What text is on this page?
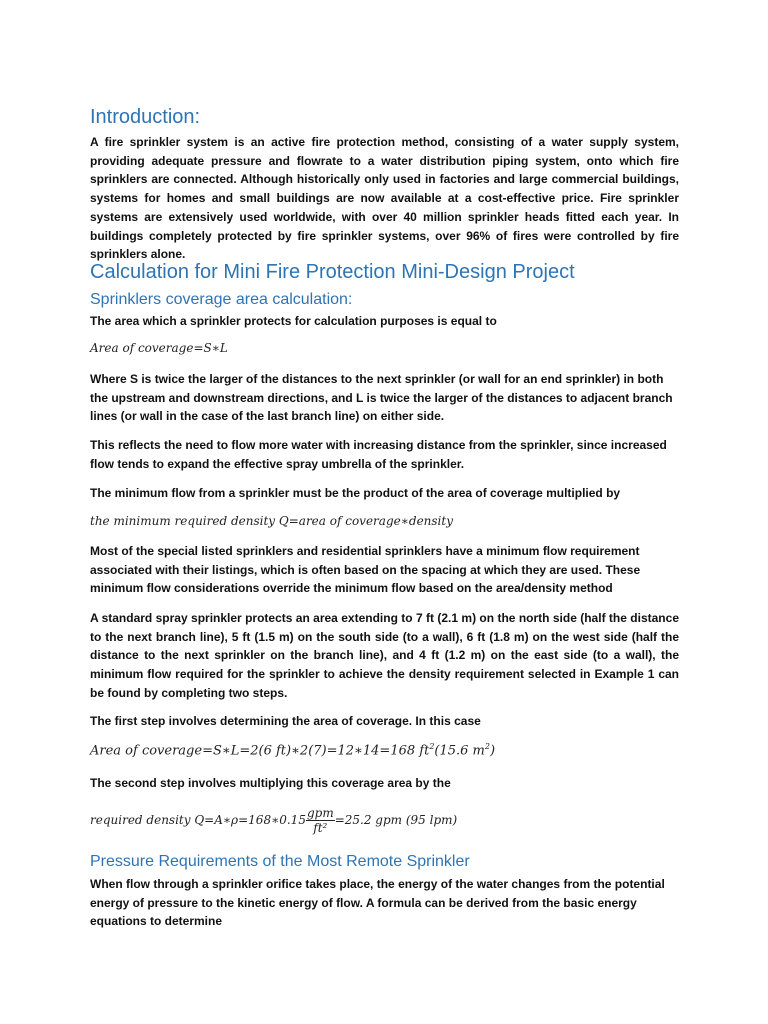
Introduction:

A fire sprinkler system is an active fire protection method, consisting of a water supply system, providing adequate pressure and flowrate to a water distribution piping system, onto which fire sprinklers are connected. Although historically only used in factories and large commercial buildings, systems for homes and small buildings are now available at a cost-effective price. Fire sprinkler systems are extensively used worldwide, with over 40 million sprinkler heads fitted each year. In buildings completely protected by fire sprinkler systems, over 96% of fires were controlled by fire sprinklers alone.

Calculation for Mini Fire Protection Mini-Design Project
Sprinklers coverage area calculation:

The area which a sprinkler protects for calculation purposes is equal to

Area of coverage=S∗L

Where S is twice the larger of the distances to the next sprinkler (or wall for an end sprinkler) in both the upstream and downstream directions, and L is twice the larger of the distances to adjacent branch lines (or wall in the case of the last branch line) on either side.

This reflects the need to flow more water with increasing distance from the sprinkler, since increased flow tends to expand the effective spray umbrella of the sprinkler.

The minimum flow from a sprinkler must be the product of the area of coverage multiplied by

the minimum required density Q=area of coverage∗density

Most of the special listed sprinklers and residential sprinklers have a minimum flow requirement associated with their listings, which is often based on the spacing at which they are used. These minimum flow considerations override the minimum flow based on the area/density method

A standard spray sprinkler protects an area extending to 7 ft (2.1 m) on the north side (half the distance to the next branch line), 5 ft (1.5 m) on the south side (to a wall), 6 ft (1.8 m) on the west side (half the distance to the next sprinkler on the branch line), and 4 ft (1.2 m) on the east side (to a wall), the minimum flow required for the sprinkler to achieve the density requirement selected in Example 1 can be found by completing two steps.

The first step involves determining the area of coverage. In this case

Area of coverage=S∗L=2(6 ft)∗2(7)=12∗14=168 $ft^2(15.6$ $m^2$)

The second step involves multiplying this coverage area by the

required density Q=A∗ρ=168∗0.15 $\frac{\text{gpm}}{\text{ft²}} =25.2$ gpm (95 lpm)

Pressure Requirements of the Most Remote Sprinkler

When flow through a sprinkler orifice takes place, the energy of the water changes from the potential energy of pressure to the kinetic energy of flow. A formula can be derived from the basic energy equations to determine
